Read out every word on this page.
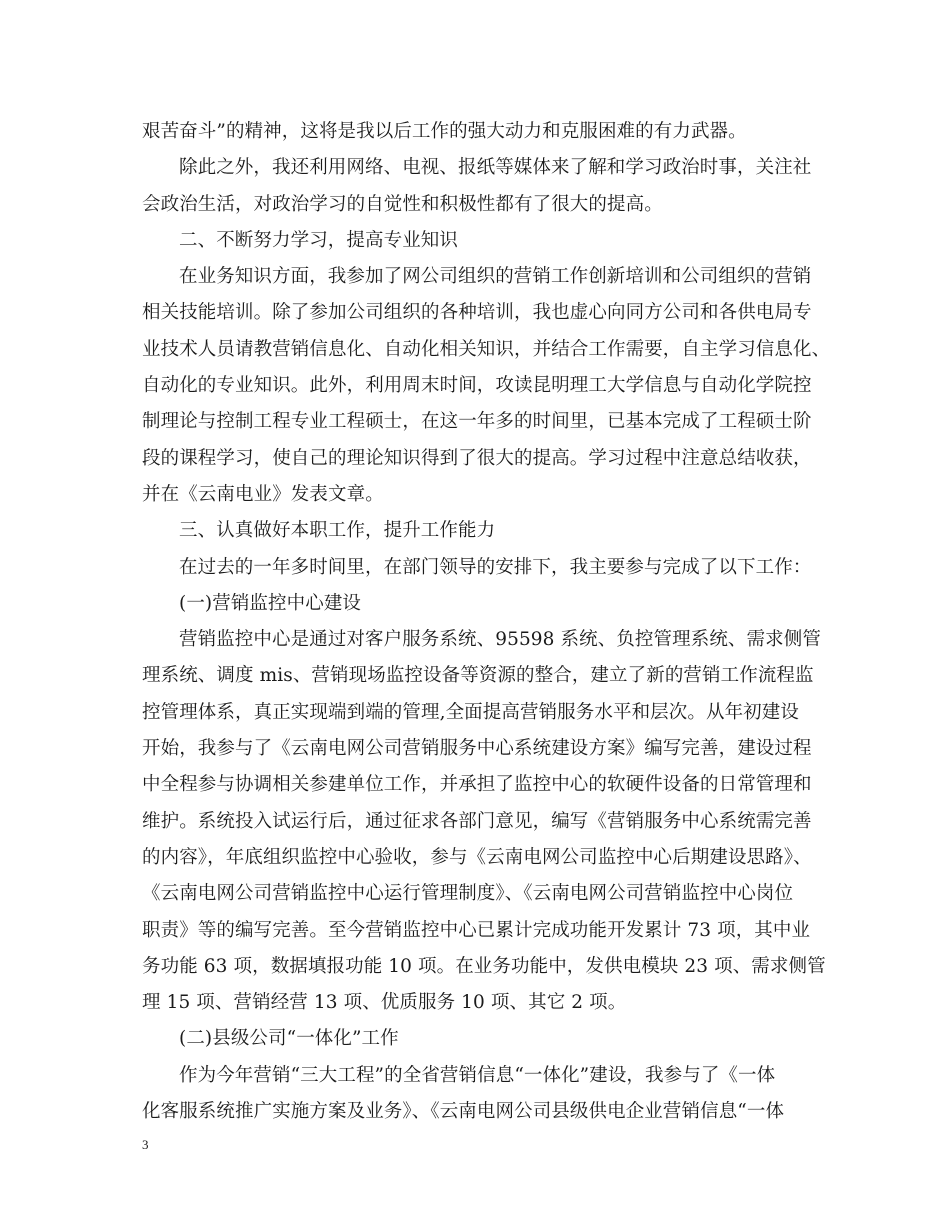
艰苦奋斗”的精神，这将是我以后工作的强大动力和克服困难的有力武器。
除此之外，我还利用网络、电视、报纸等媒体来了解和学习政治时事，关注社
会政治生活，对政治学习的自觉性和积极性都有了很大的提高。
二、不断努力学习，提高专业知识
在业务知识方面，我参加了网公司组织的营销工作创新培训和公司组织的营销
相关技能培训。除了参加公司组织的各种培训，我也虚心向同方公司和各供电局专
业技术人员请教营销信息化、自动化相关知识，并结合工作需要，自主学习信息化、
自动化的专业知识。此外，利用周末时间，攻读昆明理工大学信息与自动化学院控
制理论与控制工程专业工程硕士，在这一年多的时间里，已基本完成了工程硕士阶
段的课程学习，使自己的理论知识得到了很大的提高。学习过程中注意总结收获，
并在《云南电业》发表文章。
三、认真做好本职工作，提升工作能力
在过去的一年多时间里，在部门领导的安排下，我主要参与完成了以下工作：
(一)营销监控中心建设
营销监控中心是通过对客户服务系统、95598 系统、负控管理系统、需求侧管
理系统、调度 mis、营销现场监控设备等资源的整合，建立了新的营销工作流程监
控管理体系，真正实现端到端的管理,全面提高营销服务水平和层次。从年初建设
开始，我参与了《云南电网公司营销服务中心系统建设方案》编写完善，建设过程
中全程参与协调相关参建单位工作，并承担了监控中心的软硬件设备的日常管理和
维护。系统投入试运行后，通过征求各部门意见，编写《营销服务中心系统需完善
的内容》，年底组织监控中心验收，参与《云南电网公司监控中心后期建设思路》、
《云南电网公司营销监控中心运行管理制度》、《云南电网公司营销监控中心岗位
职责》等的编写完善。至今营销监控中心已累计完成功能开发累计 73 项，其中业
务功能 63 项，数据填报功能 10 项。在业务功能中，发供电模块 23 项、需求侧管
理 15 项、营销经营 13 项、优质服务 10 项、其它 2 项。
(二)县级公司“一体化”工作
作为今年营销“三大工程”的全省营销信息“一体化”建设，我参与了《一体
化客服系统推广实施方案及业务》、《云南电网公司县级供电企业营销信息“一体
3
